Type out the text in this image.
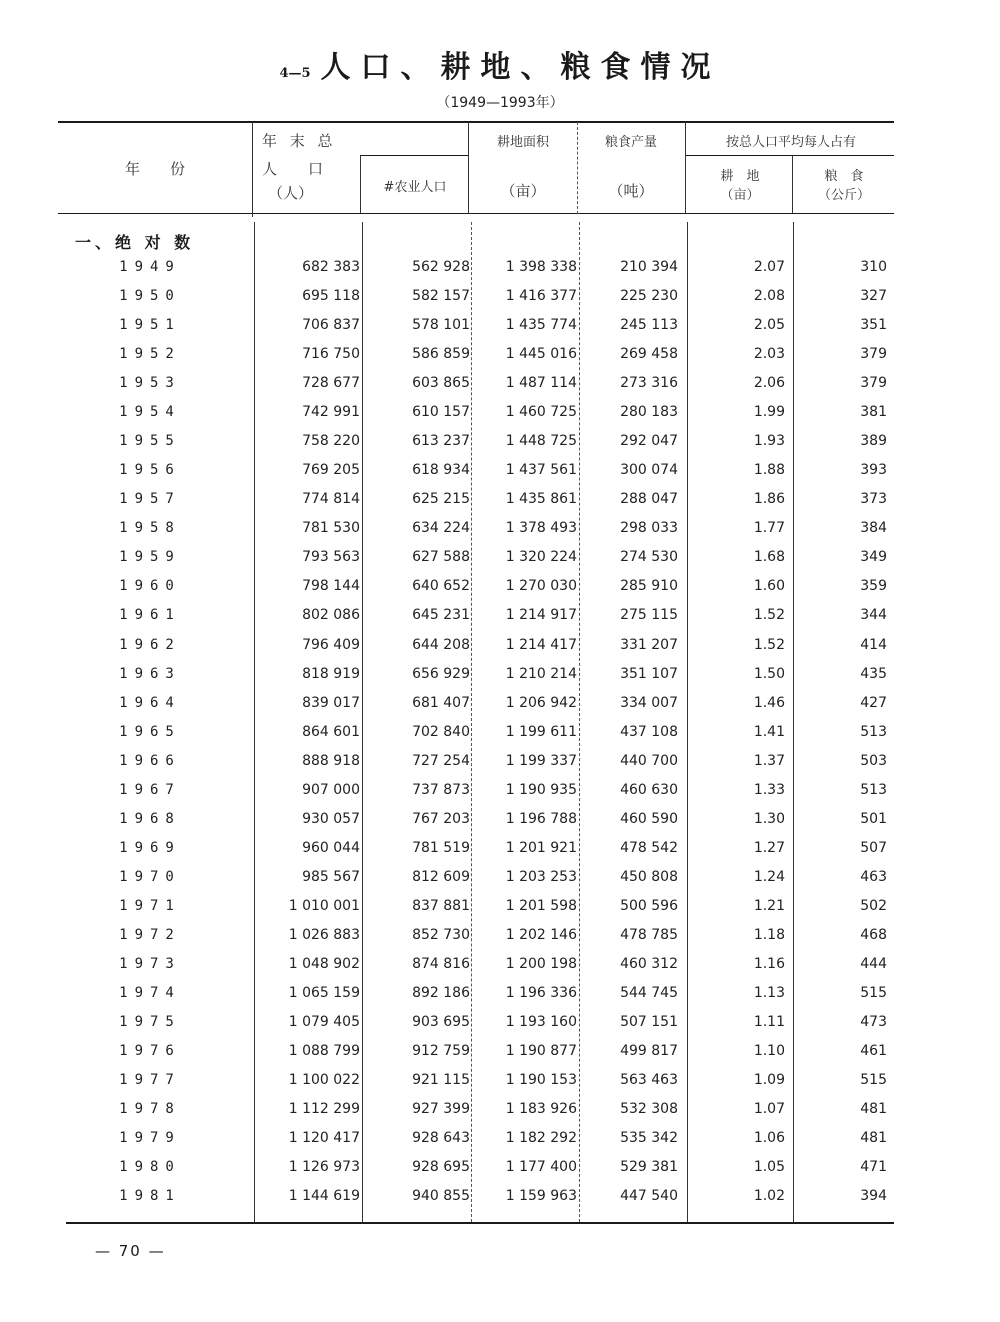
4—5 人口、耕地、粮食情况
（1949—1993年）
年　　份
年 末 总
人　口
（人）	#农业人口
耕地面积
（亩）
粮食产量
（吨）
按总人口平均每人占有
耕　地
（亩）
粮　食
（公斤）
一、绝 对 数
1949	682 383	562 928	1 398 338	210 394	2.07	310
1950	695 118	582 157	1 416 377	225 230	2.08	327
1951	706 837	578 101	1 435 774	245 113	2.05	351
1952	716 750	586 859	1 445 016	269 458	2.03	379
1953	728 677	603 865	1 487 114	273 316	2.06	379
1954	742 991	610 157	1 460 725	280 183	1.99	381
1955	758 220	613 237	1 448 725	292 047	1.93	389
1956	769 205	618 934	1 437 561	300 074	1.88	393
1957	774 814	625 215	1 435 861	288 047	1.86	373
1958	781 530	634 224	1 378 493	298 033	1.77	384
1959	793 563	627 588	1 320 224	274 530	1.68	349
1960	798 144	640 652	1 270 030	285 910	1.60	359
1961	802 086	645 231	1 214 917	275 115	1.52	344
1962	796 409	644 208	1 214 417	331 207	1.52	414
1963	818 919	656 929	1 210 214	351 107	1.50	435
1964	839 017	681 407	1 206 942	334 007	1.46	427
1965	864 601	702 840	1 199 611	437 108	1.41	513
1966	888 918	727 254	1 199 337	440 700	1.37	503
1967	907 000	737 873	1 190 935	460 630	1.33	513
1968	930 057	767 203	1 196 788	460 590	1.30	501
1969	960 044	781 519	1 201 921	478 542	1.27	507
1970	985 567	812 609	1 203 253	450 808	1.24	463
1971	1 010 001	837 881	1 201 598	500 596	1.21	502
1972	1 026 883	852 730	1 202 146	478 785	1.18	468
1973	1 048 902	874 816	1 200 198	460 312	1.16	444
1974	1 065 159	892 186	1 196 336	544 745	1.13	515
1975	1 079 405	903 695	1 193 160	507 151	1.11	473
1976	1 088 799	912 759	1 190 877	499 817	1.10	461
1977	1 100 022	921 115	1 190 153	563 463	1.09	515
1978	1 112 299	927 399	1 183 926	532 308	1.07	481
1979	1 120 417	928 643	1 182 292	535 342	1.06	481
1980	1 126 973	928 695	1 177 400	529 381	1.05	471
1981	1 144 619	940 855	1 159 963	447 540	1.02	394
— 70 —
